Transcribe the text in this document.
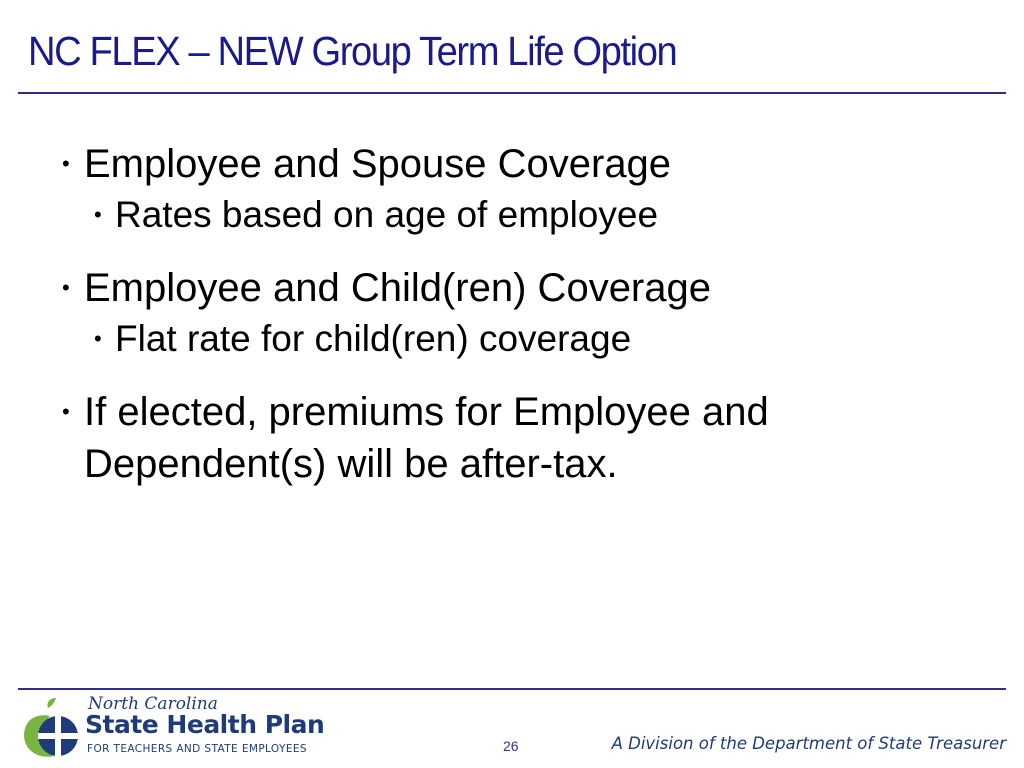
NC FLEX – NEW Group Term Life Option
• Employee and Spouse Coverage
• Rates based on age of employee
• Employee and Child(ren) Coverage
• Flat rate for child(ren) coverage
• If elected, premiums for Employee and Dependent(s) will be after-tax.
North Carolina
State Health Plan
FOR TEACHERS AND STATE EMPLOYEES	26	A Division of the Department of State Treasurer
